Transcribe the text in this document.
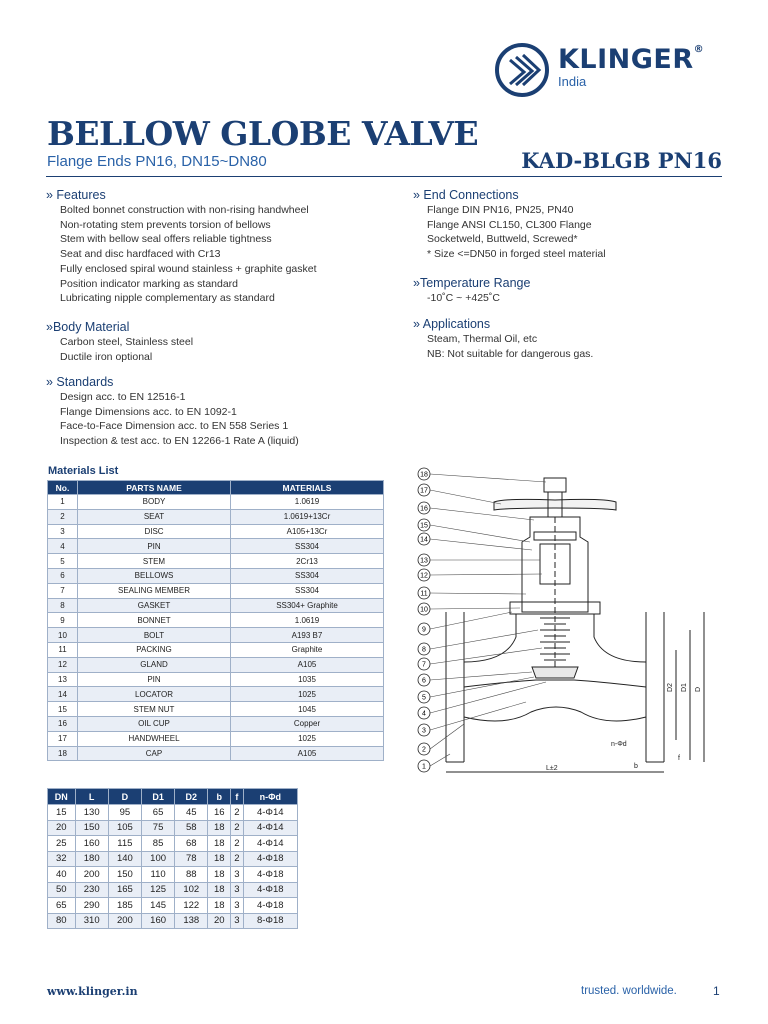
KLINGER®
India
BELLOW GLOBE VALVE
Flange Ends PN16, DN15~DN80	KAD-BLGB PN16
» Features
Bolted bonnet construction with non-rising handwheel
Non-rotating stem prevents torsion of bellows
Stem with bellow seal offers reliable tightness
Seat and disc hardfaced with Cr13
Fully enclosed spiral wound stainless + graphite gasket
Position indicator marking as standard
Lubricating nipple complementary as standard
»Body Material
Carbon steel, Stainless steel
Ductile iron optional
» Standards
Design acc. to EN 12516-1
Flange Dimensions acc. to EN 1092-1
Face-to-Face Dimension acc. to EN 558 Series 1
Inspection & test acc. to EN 12266-1 Rate A (liquid)
» End Connections
Flange DIN PN16, PN25, PN40
Flange ANSI CL150, CL300 Flange
Socketweld, Buttweld, Screwed*
* Size <=DN50 in forged steel material
»Temperature Range
-10˚C ~ +425˚C
» Applications
Steam, Thermal Oil, etc
NB: Not suitable for dangerous gas.
Materials List
No.	PARTS NAME	MATERIALS
1	BODY	1.0619
2	SEAT	1.0619+13Cr
3	DISC	A105+13Cr
4	PIN	SS304
5	STEM	2Cr13
6	BELLOWS	SS304
7	SEALING MEMBER	SS304
8	GASKET	SS304+ Graphite
9	BONNET	1.0619
10	BOLT	A193 B7
11	PACKING	Graphite
12	GLAND	A105
13	PIN	1035
14	LOCATOR	1025
15	STEM NUT	1045
16	OIL CUP	Copper
17	HANDWHEEL	1025
18	CAP	A105
DN	L	D	D1	D2	b	f	n-Φd
15	130	95	65	45	16	2	4-Φ14
20	150	105	75	58	18	2	4-Φ14
25	160	115	85	68	18	2	4-Φ14
32	180	140	100	78	18	2	4-Φ18
40	200	150	110	88	18	3	4-Φ18
50	230	165	125	102	18	3	4-Φ18
65	290	185	145	122	18	3	4-Φ18
80	310	200	160	138	20	3	8-Φ18
D2 D1 D
n-Φd
b
f
L±2
18
17
16
15
14
13
12
11
10
9
8
7
6
5
4
3
2
1
www.klinger.in	trusted. worldwide.	1
